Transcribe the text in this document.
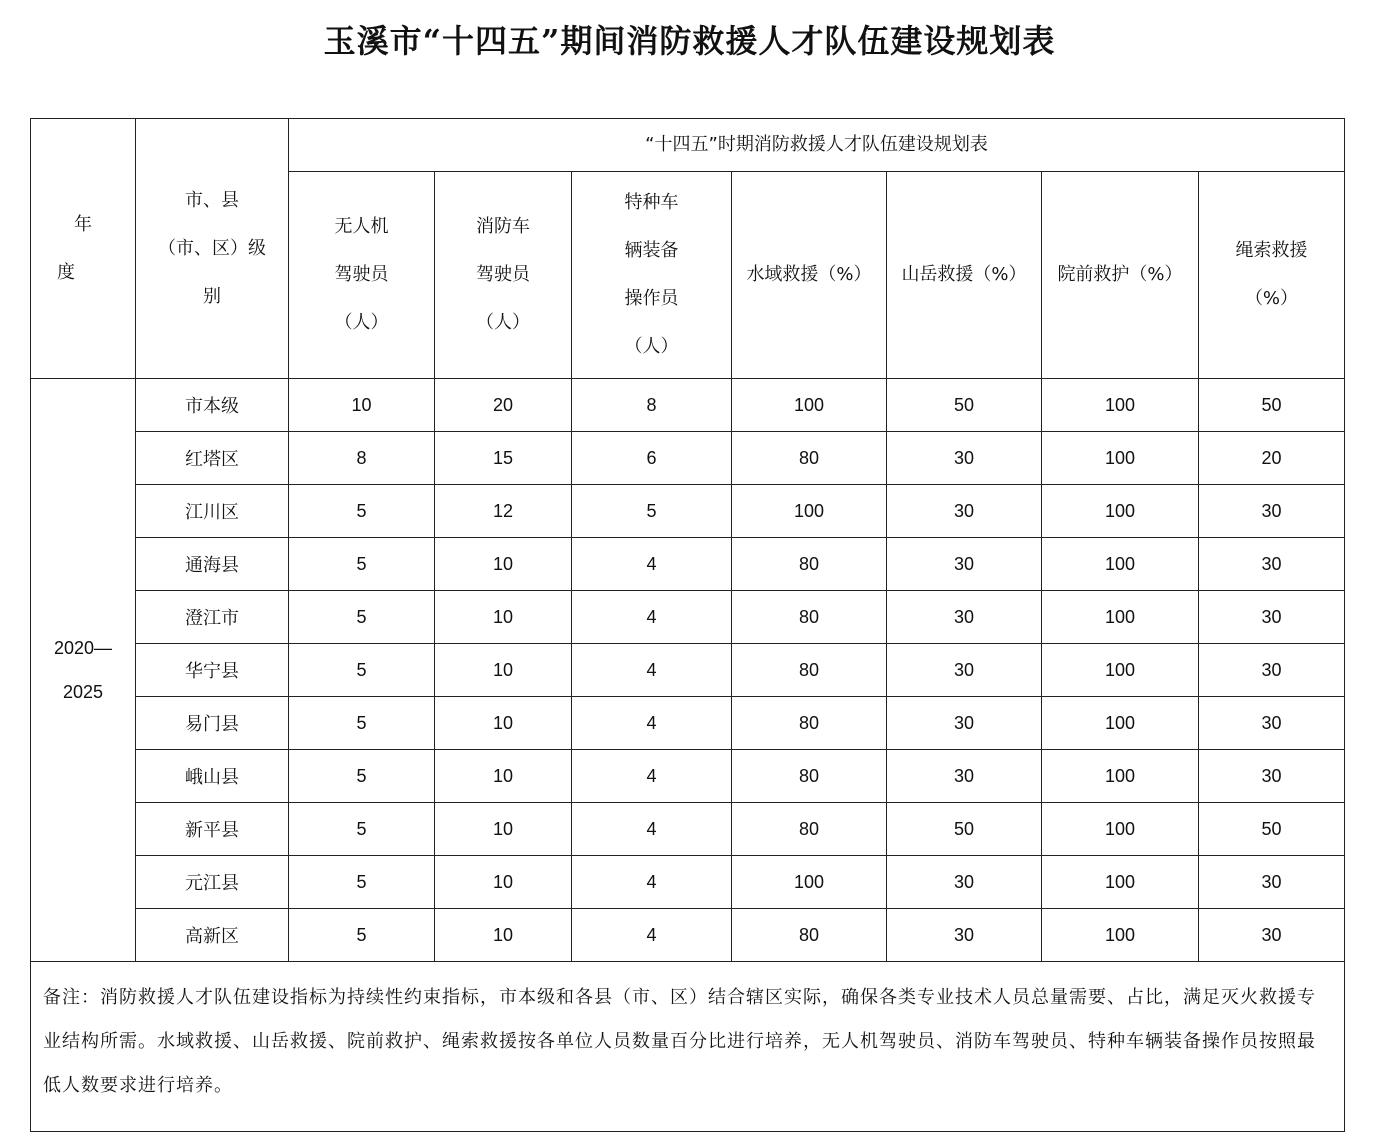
玉溪市“十四五”期间消防救援人才队伍建设规划表
年 度	市、县
（市、区）级
别	“十四五”时期消防救援人才队伍建设规划表						

		无人机
驾驶员
（人）	消防车
驾驶员
（人）	特种车
辆装备
操作员
（人）	水域救援（%）	山岳救援（%）	院前救护（%）	绳索救援
（%）

2020—
2025	市本级	10	20	8	100	50	100	50
	红塔区	8	15	6	80	30	100	20
	江川区	5	12	5	100	30	100	30
	通海县	5	10	4	80	30	100	30
	澄江市	5	10	4	80	30	100	30
	华宁县	5	10	4	80	30	100	30
	易门县	5	10	4	80	30	100	30
	峨山县	5	10	4	80	30	100	30
	新平县	5	10	4	80	50	100	50
	元江县	5	10	4	100	30	100	30
	高新区	5	10	4	80	30	100	30
备注：消防救援人才队伍建设指标为持续性约束指标，市本级和各县（市、区）结合辖区实际，确保各类专业技术人员总量需要、占比，满足灭火救援专业结构所需。水域救援、山岳救援、院前救护、绳索救援按各单位人员数量百分比进行培养，无人机驾驶员、消防车驾驶员、特种车辆装备操作员按照最低人数要求进行培养。								
